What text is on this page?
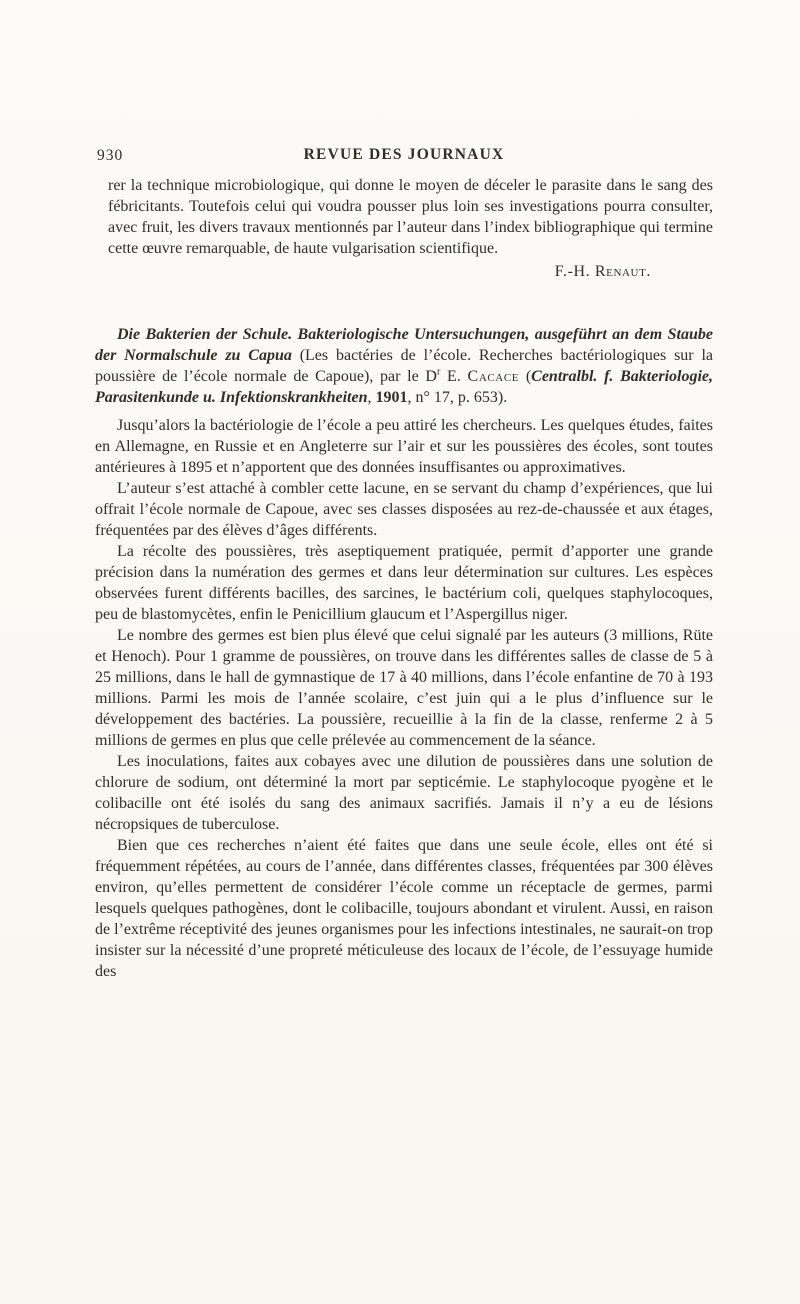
930	REVUE DES JOURNAUX

rer la technique microbiologique, qui donne le moyen de déceler le parasite dans le sang des fébricitants. Toutefois celui qui voudra pousser plus loin ses investigations pourra consulter, avec fruit, les divers travaux mentionnés par l’auteur dans l’index bibliographique qui termine cette œuvre remarquable, de haute vulgarisation scientifique.

F.-H. Renaut.

Die Bakterien der Schule. Bakteriologische Untersuchungen, ausgeführt an dem Staube der Normalschule zu Capua (Les bactéries de l’école. Recherches bactériologiques sur la poussière de l’école normale de Capoue), par le $D^r$ E. Cacace (Centralbl. f. Bakteriologie, Parasitenkunde u. Infektionskrankheiten, 1901, n° 17, p. 653).

Jusqu’alors la bactériologie de l’école a peu attiré les chercheurs. Les quelques études, faites en Allemagne, en Russie et en Angleterre sur l’air et sur les poussières des écoles, sont toutes antérieures à 1895 et n’apportent que des données insuffisantes ou approximatives.

L’auteur s’est attaché à combler cette lacune, en se servant du champ d’expériences, que lui offrait l’école normale de Capoue, avec ses classes disposées au rez-de-chaussée et aux étages, fréquentées par des élèves d’âges différents.

La récolte des poussières, très aseptiquement pratiquée, permit d’apporter une grande précision dans la numération des germes et dans leur détermination sur cultures. Les espèces observées furent différents bacilles, des sarcines, le bactérium coli, quelques staphylocoques, peu de blastomycètes, enfin le Penicillium glaucum et l’Aspergillus niger.

Le nombre des germes est bien plus élevé que celui signalé par les auteurs (3 millions, Rüte et Henoch). Pour 1 gramme de poussières, on trouve dans les différentes salles de classe de 5 à 25 millions, dans le hall de gymnastique de 17 à 40 millions, dans l’école enfantine de 70 à 193 millions. Parmi les mois de l’année scolaire, c’est juin qui a le plus d’influence sur le développement des bactéries. La poussière, recueillie à la fin de la classe, renferme 2 à 5 millions de germes en plus que celle prélevée au commencement de la séance.

Les inoculations, faites aux cobayes avec une dilution de poussières dans une solution de chlorure de sodium, ont déterminé la mort par septicémie. Le staphylocoque pyogène et le colibacille ont été isolés du sang des animaux sacrifiés. Jamais il n’y a eu de lésions nécropsiques de tuberculose.

Bien que ces recherches n’aient été faites que dans une seule école, elles ont été si fréquemment répétées, au cours de l’année, dans différentes classes, fréquentées par 300 élèves environ, qu’elles permettent de considérer l’école comme un réceptacle de germes, parmi lesquels quelques pathogènes, dont le colibacille, toujours abondant et virulent. Aussi, en raison de l’extrême réceptivité des jeunes organismes pour les infections intestinales, ne saurait-on trop insister sur la nécessité d’une propreté méticuleuse des locaux de l’école, de l’essuyage humide des
